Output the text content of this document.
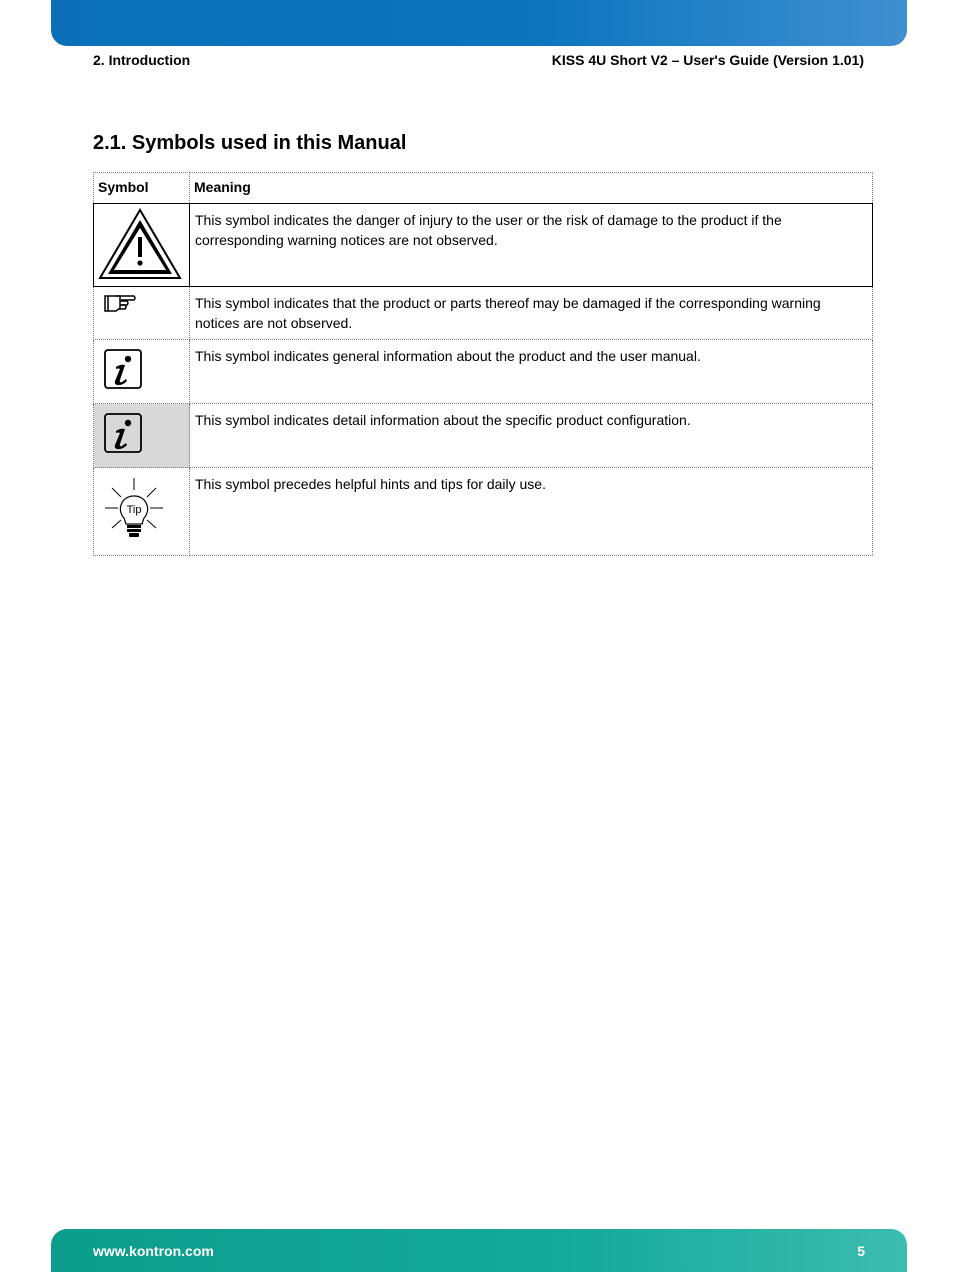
2. Introduction	KISS 4U Short V2 – User's Guide (Version 1.01)
2.1. Symbols used in this Manual
Symbol	Meaning
	This symbol indicates the danger of injury to the user or the risk of damage to the product if the corresponding warning notices are not observed.
	This symbol indicates that the product or parts thereof may be damaged if the corresponding warning notices are not observed.
	This symbol indicates general information about the product and the user manual.
	This symbol indicates detail information about the specific product configuration.

Tip	This symbol precedes helpful hints and tips for daily use.
www.kontron.com	5
